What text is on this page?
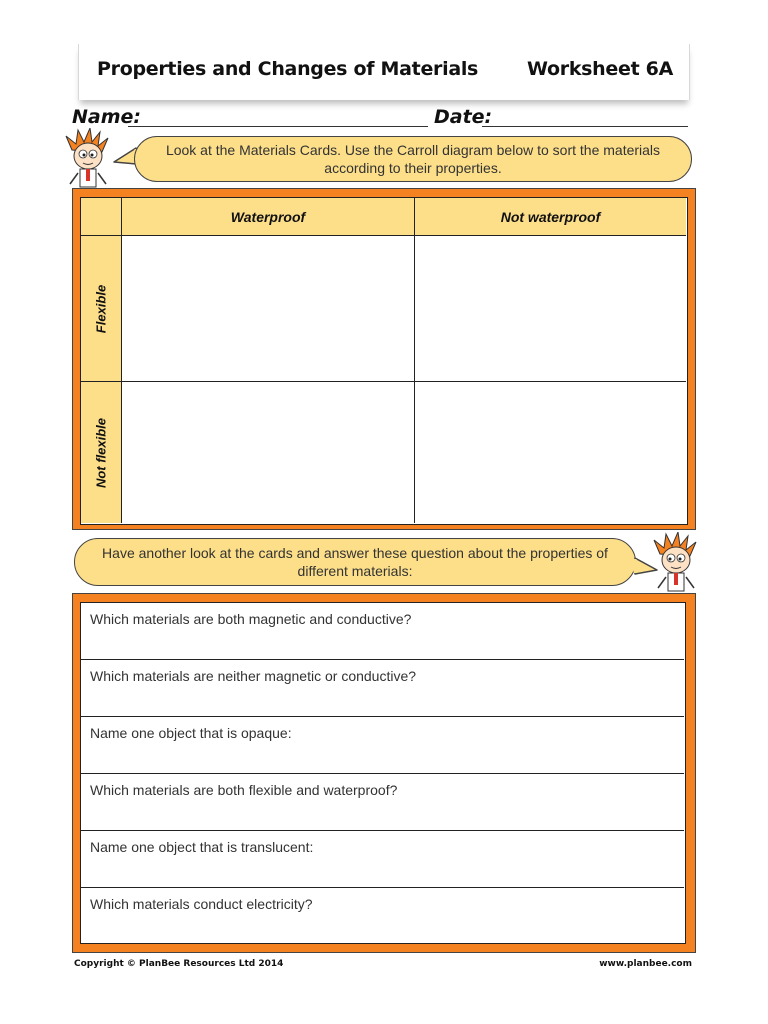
Properties and Changes of Materials	Worksheet 6A
Name:	Date:
Look at the Materials Cards. Use the Carroll diagram below to sort the materials according to their properties.
Waterproof	Not waterproof
Flexible
Not flexible
Have another look at the cards and answer these question about the properties of different materials:
Which materials are both magnetic and conductive?
Which materials are neither magnetic or conductive?
Name one object that is opaque:
Which materials are both flexible and waterproof?
Name one object that is translucent:
Which materials conduct electricity?
Copyright © PlanBee Resources Ltd 2014	www.planbee.com
